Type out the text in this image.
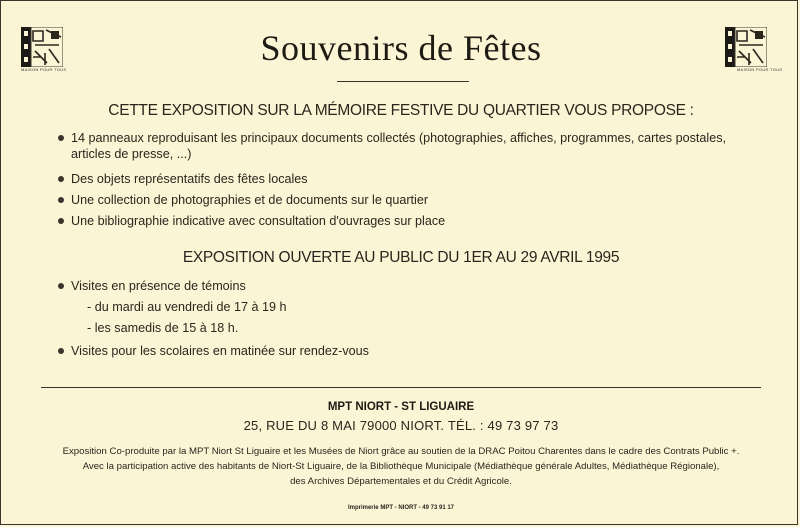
MAISON POUR TOUS	MAISON POUR TOUS
Souvenirs de Fêtes
CETTE EXPOSITION SUR LA MÉMOIRE FESTIVE DU QUARTIER VOUS PROPOSE :
14 panneaux reproduisant les principaux documents collectés (photographies, affiches, programmes, cartes postales,
articles de presse, ...)
Des objets représentatifs des fêtes locales
Une collection de photographies et de documents sur le quartier
Une bibliographie indicative avec consultation d'ouvrages sur place
EXPOSITION OUVERTE AU PUBLIC DU 1ER AU 29 AVRIL 1995
Visites en présence de témoins
- du mardi au vendredi de 17 à 19 h
- les samedis de 15 à 18 h.
Visites pour les scolaires en matinée sur rendez-vous
MPT NIORT - ST LIGUAIRE
25, RUE DU 8 MAI 79000 NIORT. TÉL. : 49 73 97 73
Exposition Co-produite par la MPT Niort St Liguaire et les Musées de Niort grâce au soutien de la DRAC Poitou Charentes dans le cadre des Contrats Public +.
Avec la participation active des habitants de Niort-St Liguaire, de la Bibliothèque Municipale (Médiathèque générale Adultes, Médiathèque Régionale),
des Archives Départementales et du Crédit Agricole.
Imprimerie MPT - NIORT - 49 73 91 17
